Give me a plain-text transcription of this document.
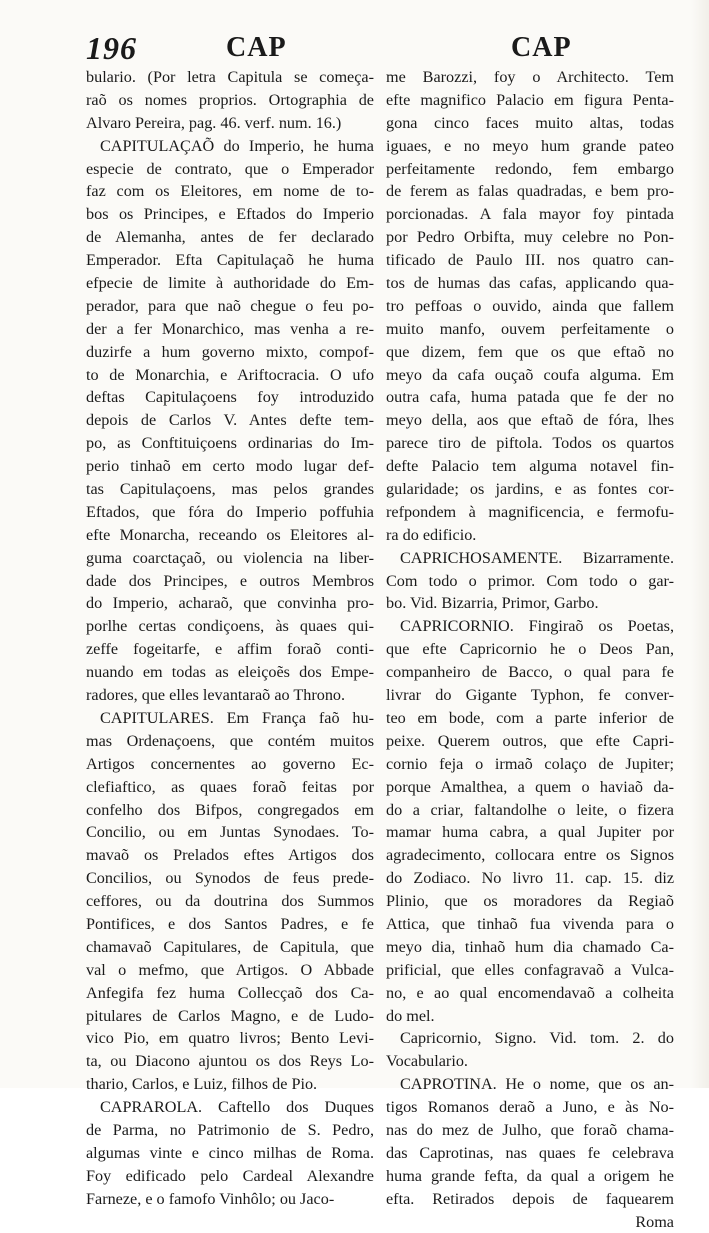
196	CAP	CAP
bulario. (Por letra Capitula se começa-
raõ os nomes proprios. Ortographia de
Alvaro Pereira, pag. 46. verf. num. 16.)
CAPITULAÇAÕ do Imperio, he huma
especie de contrato, que o Emperador
faz com os Eleitores, em nome de to-
bos os Principes, e Eftados do Imperio
de Alemanha, antes de fer declarado
Emperador. Efta Capitulaçaõ he huma
efpecie de limite à authoridade do Em-
perador, para que naõ chegue o feu po-
der a fer Monarchico, mas venha a re-
duzirfe a hum governo mixto, compof-
to de Monarchia, e Ariftocracia. O ufo
deftas Capitulaçoens foy introduzido
depois de Carlos V. Antes defte tem-
po, as Conftituiçoens ordinarias do Im-
perio tinhaõ em certo modo lugar def-
tas Capitulaçoens, mas pelos grandes
Eftados, que fóra do Imperio poffuhia
efte Monarcha, receando os Eleitores al-
guma coarctaçaõ, ou violencia na liber-
dade dos Principes, e outros Membros
do Imperio, acharaõ, que convinha pro-
porlhe certas condiçoens, às quaes qui-
zeffe fogeitarfe, e affim foraõ conti-
nuando em todas as eleiçoẽs dos Empe-
radores, que elles levantaraõ ao Throno.
CAPITULARES. Em França faõ hu-
mas Ordenaçoens, que contém muitos
Artigos concernentes ao governo Ec-
clefiaftico, as quaes foraõ feitas por
confelho dos Bifpos, congregados em
Concilio, ou em Juntas Synodaes. To-
mavaõ os Prelados eftes Artigos dos
Concilios, ou Synodos de feus prede-
ceffores, ou da doutrina dos Summos
Pontifices, e dos Santos Padres, e fe
chamavaõ Capitulares, de Capitula, que
val o mefmo, que Artigos. O Abbade
Anfegifa fez huma Collecçaõ dos Ca-
pitulares de Carlos Magno, e de Ludo-
vico Pio, em quatro livros; Bento Levi-
ta, ou Diacono ajuntou os dos Reys Lo-
thario, Carlos, e Luiz, filhos de Pio.
CAPRAROLA. Caftello dos Duques
de Parma, no Patrimonio de S. Pedro,
algumas vinte e cinco milhas de Roma.
Foy edificado pelo Cardeal Alexandre
Farneze, e o famofo Vinhôlo; ou Jaco-
me Barozzi, foy o Architecto. Tem
efte magnifico Palacio em figura Penta-
gona cinco faces muito altas, todas
iguaes, e no meyo hum grande pateo
perfeitamente redondo, fem embargo
de ferem as falas quadradas, e bem pro-
porcionadas. A fala mayor foy pintada
por Pedro Orbifta, muy celebre no Pon-
tificado de Paulo III. nos quatro can-
tos de humas das cafas, applicando qua-
tro peffoas o ouvido, ainda que fallem
muito manfo, ouvem perfeitamente o
que dizem, fem que os que eftaõ no
meyo da cafa ouçaõ coufa alguma. Em
outra cafa, huma patada que fe der no
meyo della, aos que eftaõ de fóra, lhes
parece tiro de piftola. Todos os quartos
defte Palacio tem alguma notavel fin-
gularidade; os jardins, e as fontes cor-
refpondem à magnificencia, e fermofu-
ra do edificio.
CAPRICHOSAMENTE. Bizarramente.
Com todo o primor. Com todo o gar-
bo. Vid. Bizarria, Primor, Garbo.
CAPRICORNIO. Fingiraõ os Poetas,
que efte Capricornio he o Deos Pan,
companheiro de Bacco, o qual para fe
livrar do Gigante Typhon, fe conver-
teo em bode, com a parte inferior de
peixe. Querem outros, que efte Capri-
cornio feja o irmaõ colaço de Jupiter;
porque Amalthea, a quem o haviaõ da-
do a criar, faltandolhe o leite, o fizera
mamar huma cabra, a qual Jupiter por
agradecimento, collocara entre os Signos
do Zodiaco. No livro 11. cap. 15. diz
Plinio, que os moradores da Regiaõ
Attica, que tinhaõ fua vivenda para o
meyo dia, tinhaõ hum dia chamado Ca-
prificial, que elles confagravaõ a Vulca-
no, e ao qual encomendavaõ a colheita
do mel.
Capricornio, Signo. Vid. tom. 2. do
Vocabulario.
CAPROTINA. He o nome, que os an-
tigos Romanos deraõ a Juno, e às No-
nas do mez de Julho, que foraõ chama-
das Caprotinas, nas quaes fe celebrava
huma grande fefta, da qual a origem he
efta. Retirados depois de faquearem
Roma
